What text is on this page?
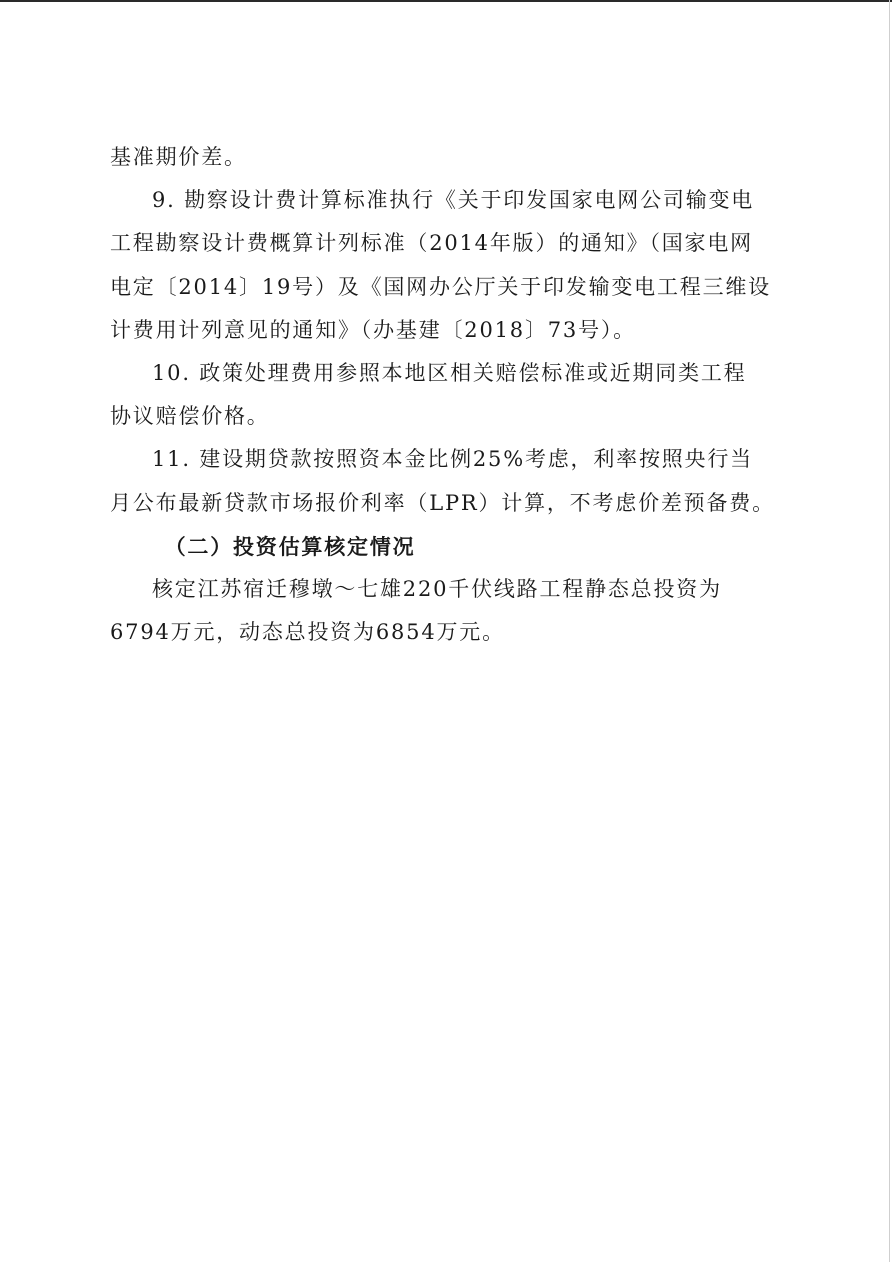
基准期价差。

9. 勘察设计费计算标准执行《关于印发国家电网公司输变电
工程勘察设计费概算计列标准（2014年版）的通知》（国家电网
电定〔2014〕19号）及《国网办公厅关于印发输变电工程三维设
计费用计列意见的通知》（办基建〔2018〕73号）。

10. 政策处理费用参照本地区相关赔偿标准或近期同类工程
协议赔偿价格。

11. 建设期贷款按照资本金比例25%考虑，利率按照央行当
月公布最新贷款市场报价利率（LPR）计算，不考虑价差预备费。

（二）投资估算核定情况

核定江苏宿迁穆墩～七雄220千伏线路工程静态总投资为
6794万元，动态总投资为6854万元。
